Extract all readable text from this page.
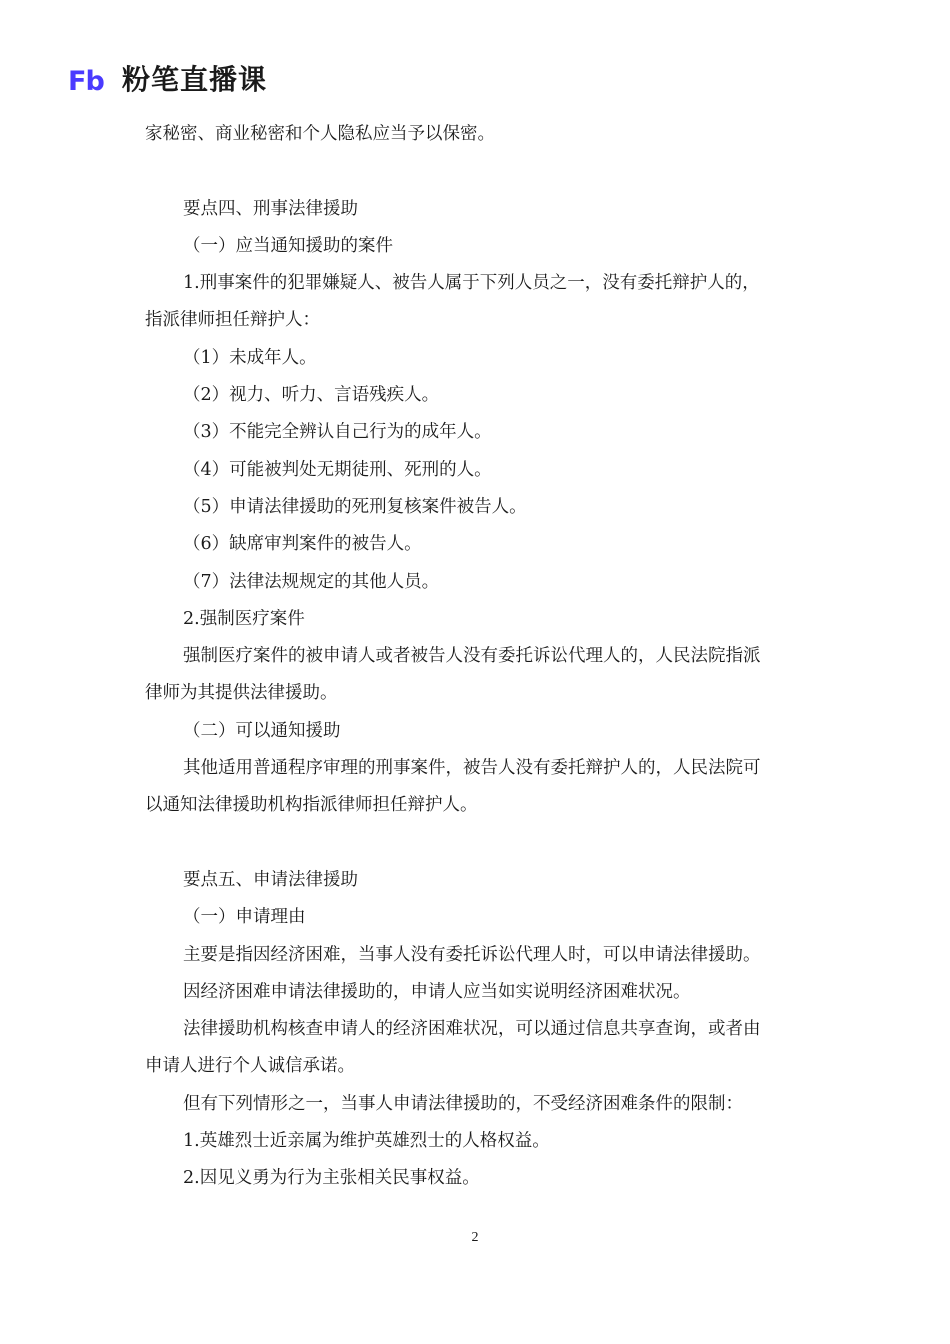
Fb 粉笔直播课
家秘密、商业秘密和个人隐私应当予以保密。
要点四、刑事法律援助
（一）应当通知援助的案件
1.刑事案件的犯罪嫌疑人、被告人属于下列人员之一，没有委托辩护人的，
指派律师担任辩护人：
（1）未成年人。
（2）视力、听力、言语残疾人。
（3）不能完全辨认自己行为的成年人。
（4）可能被判处无期徒刑、死刑的人。
（5）申请法律援助的死刑复核案件被告人。
（6）缺席审判案件的被告人。
（7）法律法规规定的其他人员。
2.强制医疗案件
强制医疗案件的被申请人或者被告人没有委托诉讼代理人的，人民法院指派
律师为其提供法律援助。
（二）可以通知援助
其他适用普通程序审理的刑事案件，被告人没有委托辩护人的，人民法院可
以通知法律援助机构指派律师担任辩护人。
要点五、申请法律援助
（一）申请理由
主要是指因经济困难，当事人没有委托诉讼代理人时，可以申请法律援助。
因经济困难申请法律援助的，申请人应当如实说明经济困难状况。
法律援助机构核查申请人的经济困难状况，可以通过信息共享查询，或者由
申请人进行个人诚信承诺。
但有下列情形之一，当事人申请法律援助的，不受经济困难条件的限制：
1.英雄烈士近亲属为维护英雄烈士的人格权益。
2.因见义勇为行为主张相关民事权益。
2
